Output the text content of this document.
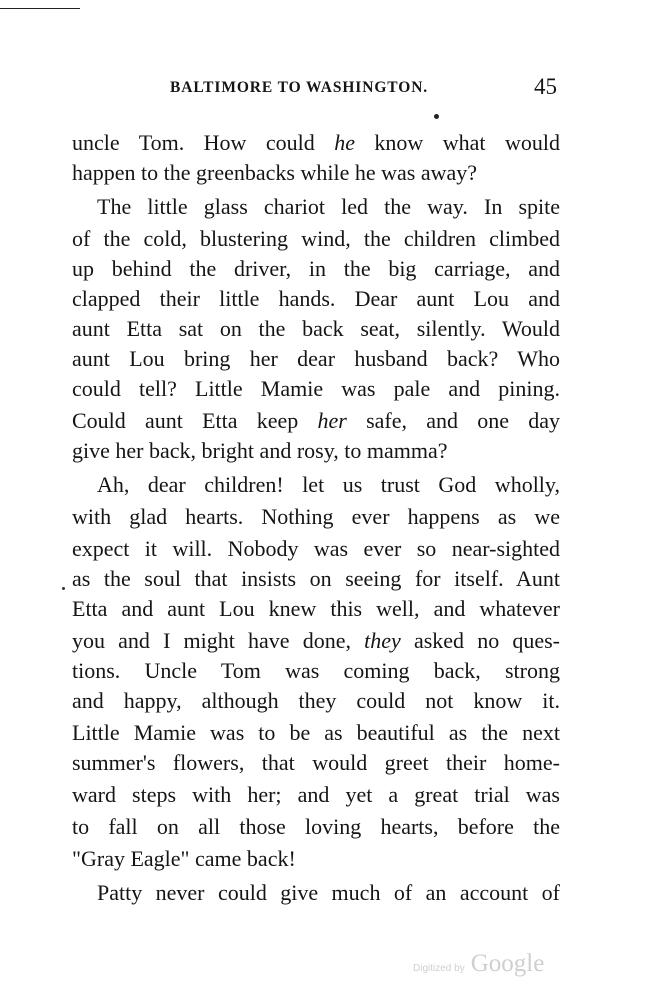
BALTIMORE TO WASHINGTON.	45
uncle Tom. How could he know what would
happen to the greenbacks while he was away?
The little glass chariot led the way. In spite
of the cold, blustering wind, the children climbed
up behind the driver, in the big carriage, and
clapped their little hands. Dear aunt Lou and
aunt Etta sat on the back seat, silently. Would
aunt Lou bring her dear husband back? Who
could tell? Little Mamie was pale and pining.
Could aunt Etta keep her safe, and one day
give her back, bright and rosy, to mamma?
Ah, dear children! let us trust God wholly,
with glad hearts. Nothing ever happens as we
expect it will. Nobody was ever so near-sighted
as the soul that insists on seeing for itself. Aunt
Etta and aunt Lou knew this well, and whatever
you and I might have done, they asked no ques-
tions. Uncle Tom was coming back, strong
and happy, although they could not know it.
Little Mamie was to be as beautiful as the next
summer's flowers, that would greet their home-
ward steps with her; and yet a great trial was
to fall on all those loving hearts, before the
"Gray Eagle" came back!
Patty never could give much of an account of
Digitized by Google
